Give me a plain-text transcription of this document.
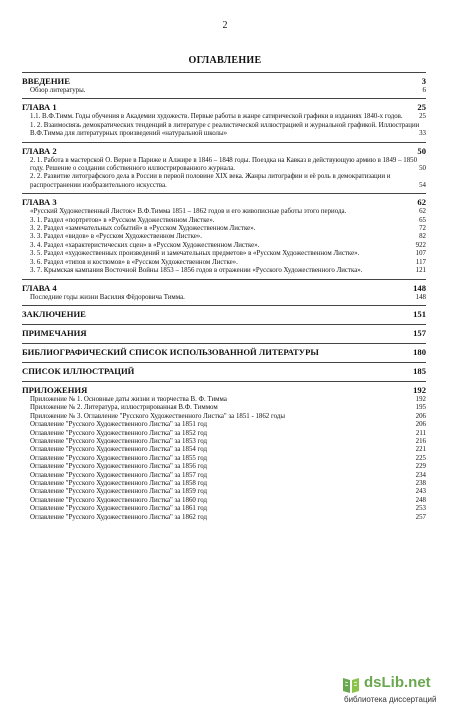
2
ОГЛАВЛЕНИЕ
ВВЕДЕНИЕ	3
Обзор литературы.	6
ГЛАВА 1	25
1.1. В.Ф.Тимм. Годы обучения в Академии художеств. Первые работы в жанре сатирической графики в изданиях 1840-х годов. 25
1. 2. Взаимосвязь демократических тенденций в литературе с реалистической иллюстрацией и журнальной графикой. Иллюстрации В.Ф.Тимма для литературных произведений «натуральной школы»	33
ГЛАВА 2	50
2. 1. Работа в мастерской О. Верне в Париже и Алжире в 1846 – 1848 годы. Поездка на Кавказ в действующую армию в 1849 – 1850 году. Решение о создании собственного иллюстрированного журнала.	50
2. 2. Развитие литографского дела в России в первой половине XIX века. Жанры литографии и её роль в демократизации и распространении изобразительного искусства.	54
ГЛАВА 3	62
«Русский Художественный Листок» В.Ф.Тимма 1851 – 1862 годов и его живописные работы этого периода.	62
3. 1. Раздел «портретов» в «Русском Художественном Листке».	65
3. 2. Раздел «замечательных событий» в «Русском Художественном Листке».	72
3. 3. Раздел «видов» в «Русском Художественном Листке».	82
3. 4. Раздел «характеристических сцен» в «Русском Художественном Листке».	922
3. 5. Раздел «художественных произведений и замечательных предметов» в «Русском Художественном Листке».	107
3. 6. Раздел «типов и костюмов» в «Русском Художественном Листке».	117
3. 7. Крымская кампания Восточной Войны 1853 – 1856 годов в отражении «Русского Художественного Листка».	121
ГЛАВА 4	148
Последние годы жизни Василия Фёдоровича Тимма.	148
ЗАКЛЮЧЕНИЕ	151
ПРИМЕЧАНИЯ	157
БИБЛИОГРАФИЧЕСКИЙ СПИСОК ИСПОЛЬЗОВАННОЙ ЛИТЕРАТУРЫ	180
СПИСОК ИЛЛЮСТРАЦИЙ	185
ПРИЛОЖЕНИЯ	192
Приложение № 1. Основные даты жизни и творчества В. Ф. Тимма	192
Приложение № 2. Литература, иллюстрированная В.Ф. Тиммом	195
Приложение № 3. Оглавление "Русского Художественного Листка" за 1851 - 1862 годы	206
Оглавление "Русского Художественного Листка" за 1851 год	206
Оглавление "Русского Художественного Листка" за 1852 год	211
Оглавление "Русского Художественного Листка" за 1853 год	216
Оглавление "Русского Художественного Листка" за 1854 год	221
Оглавление "Русского Художественного Листка" за 1855 год	225
Оглавление "Русского Художественного Листка" за 1856 год	229
Оглавление "Русского Художественного Листка" за 1857 год	234
Оглавление "Русского Художественного Листка" за 1858 год	238
Оглавление "Русского Художественного Листка" за 1859 год	243
Оглавление "Русского Художественного Листка" за 1860 год	248
Оглавление "Русского Художественного Листка" за 1861 год	253
Оглавление "Русского Художественного Листка" за 1862 год	257
dsLib.net
библиотека диссертаций
